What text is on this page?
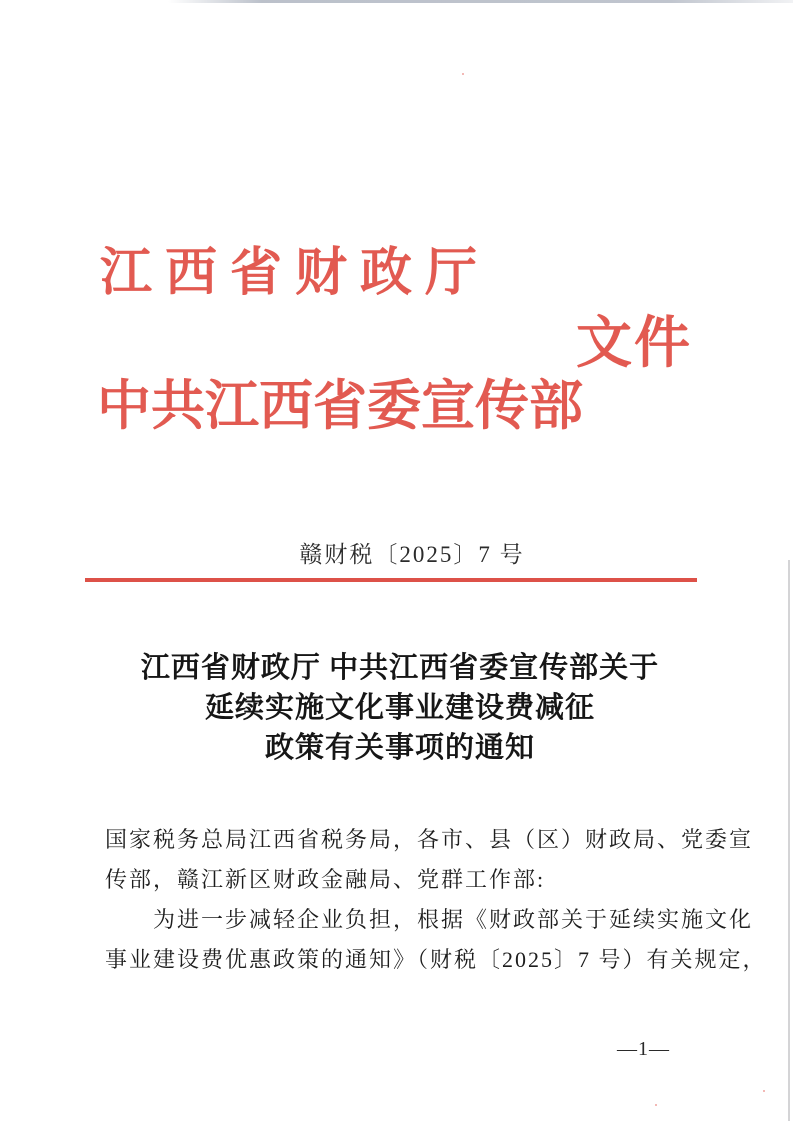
江西省财政厅
文件
中共江西省委宣传部
赣财税〔2025〕7 号
江西省财政厅 中共江西省委宣传部关于
延续实施文化事业建设费减征
政策有关事项的通知
国家税务总局江西省税务局，各市、县（区）财政局、党委宣
传部，赣江新区财政金融局、党群工作部:
　　为进一步减轻企业负担，根据《财政部关于延续实施文化
事业建设费优惠政策的通知》（财税〔2025〕7 号）有关规定，
—1—
